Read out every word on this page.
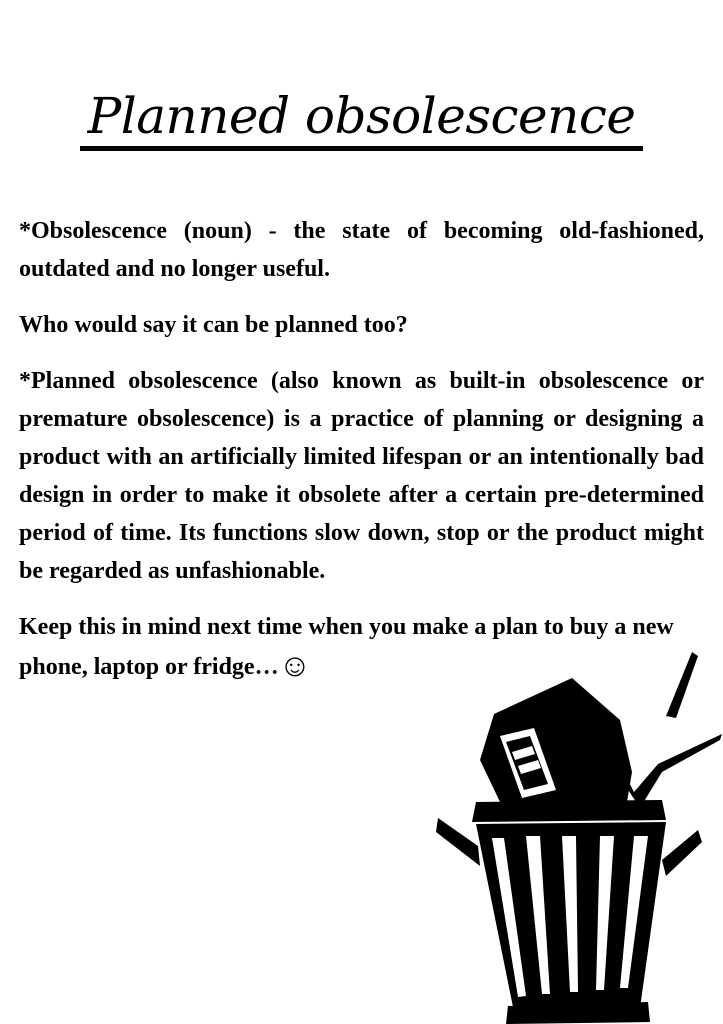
Planned obsolescence

*Obsolescence (noun) - the state of becoming old-fashioned, outdated and no longer useful.

Who would say it can be planned too?

*Planned obsolescence (also known as built-in obsolescence or premature obsolescence) is a practice of planning or designing a product with an artificially limited lifespan or an intentionally bad design in order to make it obsolete after a certain pre-determined period of time. Its functions slow down, stop or the product might be regarded as unfashionable.

Keep this in mind next time when you make a plan to buy a new phone, laptop or fridge…☺
